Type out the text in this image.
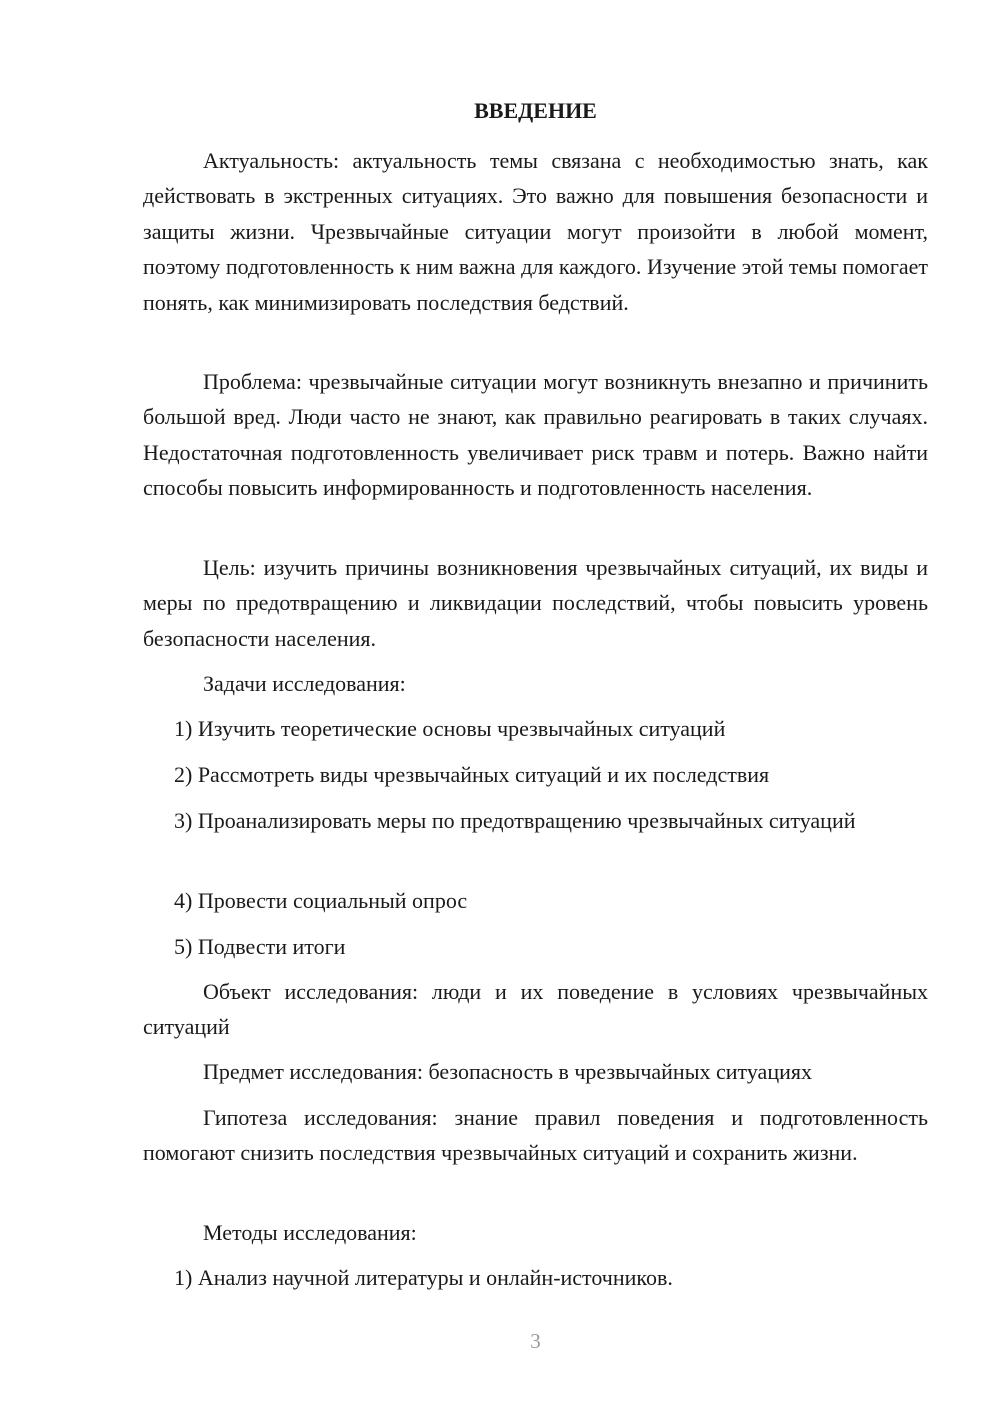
ВВЕДЕНИЕ

Актуальность: актуальность темы связана с необходимостью знать, как действовать в экстренных ситуациях. Это важно для повышения безопасности и защиты жизни. Чрезвычайные ситуации могут произойти в любой момент, поэтому подготовленность к ним важна для каждого. Изучение этой темы помогает понять, как минимизировать последствия бедствий.

Проблема: чрезвычайные ситуации могут возникнуть внезапно и причинить большой вред. Люди часто не знают, как правильно реагировать в таких случаях. Недостаточная подготовленность увеличивает риск травм и потерь. Важно найти способы повысить информированность и подготовленность населения.

Цель: изучить причины возникновения чрезвычайных ситуаций, их виды и меры по предотвращению и ликвидации последствий, чтобы повысить уровень безопасности населения.

Задачи исследования:

1) Изучить теоретические основы чрезвычайных ситуаций

2) Рассмотреть виды чрезвычайных ситуаций и их последствия

3) Проанализировать меры по предотвращению чрезвычайных ситуаций

4) Провести социальный опрос

5) Подвести итоги

Объект исследования: люди и их поведение в условиях чрезвычайных ситуаций

Предмет исследования: безопасность в чрезвычайных ситуациях

Гипотеза исследования: знание правил поведения и подготовленность помогают снизить последствия чрезвычайных ситуаций и сохранить жизни.

Методы исследования:

1) Анализ научной литературы и онлайн-источников.

3
